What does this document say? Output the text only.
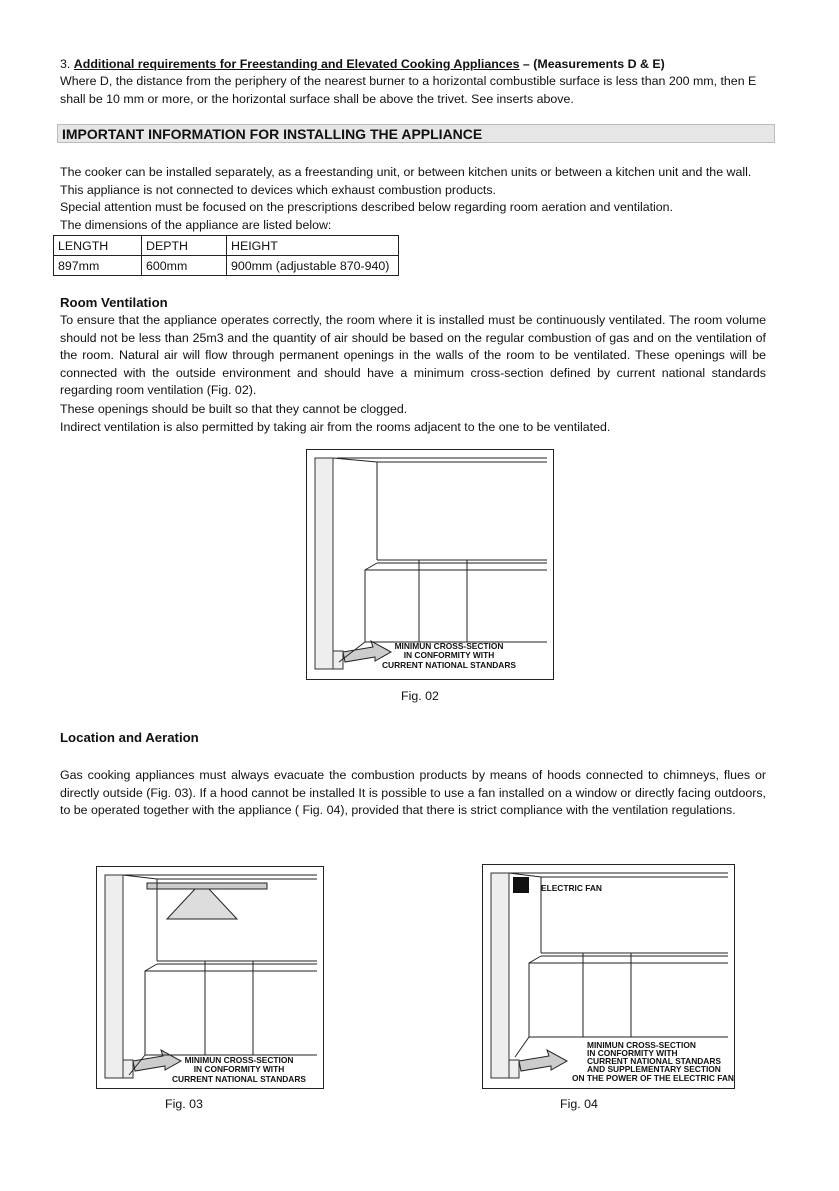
3. Additional requirements for Freestanding and Elevated Cooking Appliances – (Measurements D & E)

Where D, the distance from the periphery of the nearest burner to a horizontal combustible surface is less than 200 mm, then E shall be 10 mm or more, or the horizontal surface shall be above the trivet. See inserts above.

IMPORTANT INFORMATION FOR INSTALLING THE APPLIANCE

The cooker can be installed separately, as a freestanding unit, or between kitchen units or between a kitchen unit and the wall.

This appliance is not connected to devices which exhaust combustion products.

Special attention must be focused on the prescriptions described below regarding room aeration and ventilation.

The dimensions of the appliance are listed below:

LENGTH	DEPTH	HEIGHT
897mm	600mm	900mm (adjustable 870-940)

Room Ventilation

To ensure that the appliance operates correctly, the room where it is installed must be continuously ventilated. The room volume should not be less than 25m3 and the quantity of air should be based on the regular combustion of gas and on the ventilation of the room. Natural air will flow through permanent openings in the walls of the room to be ventilated. These openings will be connected with the outside environment and should have a minimum cross-section defined by current national standards regarding room ventilation (Fig. 02).

These openings should be built so that they cannot be clogged.

Indirect ventilation is also permitted by taking air from the rooms adjacent to the one to be ventilated.

MINIMUN CROSS-SECTION
IN CONFORMITY WITH
CURRENT NATIONAL STANDARS

Fig. 02

Location and Aeration

Gas cooking appliances must always evacuate the combustion products by means of hoods connected to chimneys, flues or directly outside (Fig. 03). If a hood cannot be installed It is possible to use a fan installed on a window or directly facing outdoors, to be operated together with the appliance ( Fig. 04), provided that there is strict compliance with the ventilation regulations.

MINIMUN CROSS-SECTION
IN CONFORMITY WITH
CURRENT NATIONAL STANDARS

Fig. 03

ELECTRIC FAN
MINIMUN CROSS-SECTION
IN CONFORMITY WITH
CURRENT NATIONAL STANDARS
AND SUPPLEMENTARY SECTION
ON THE POWER OF THE ELECTRIC FAN

Fig. 04
